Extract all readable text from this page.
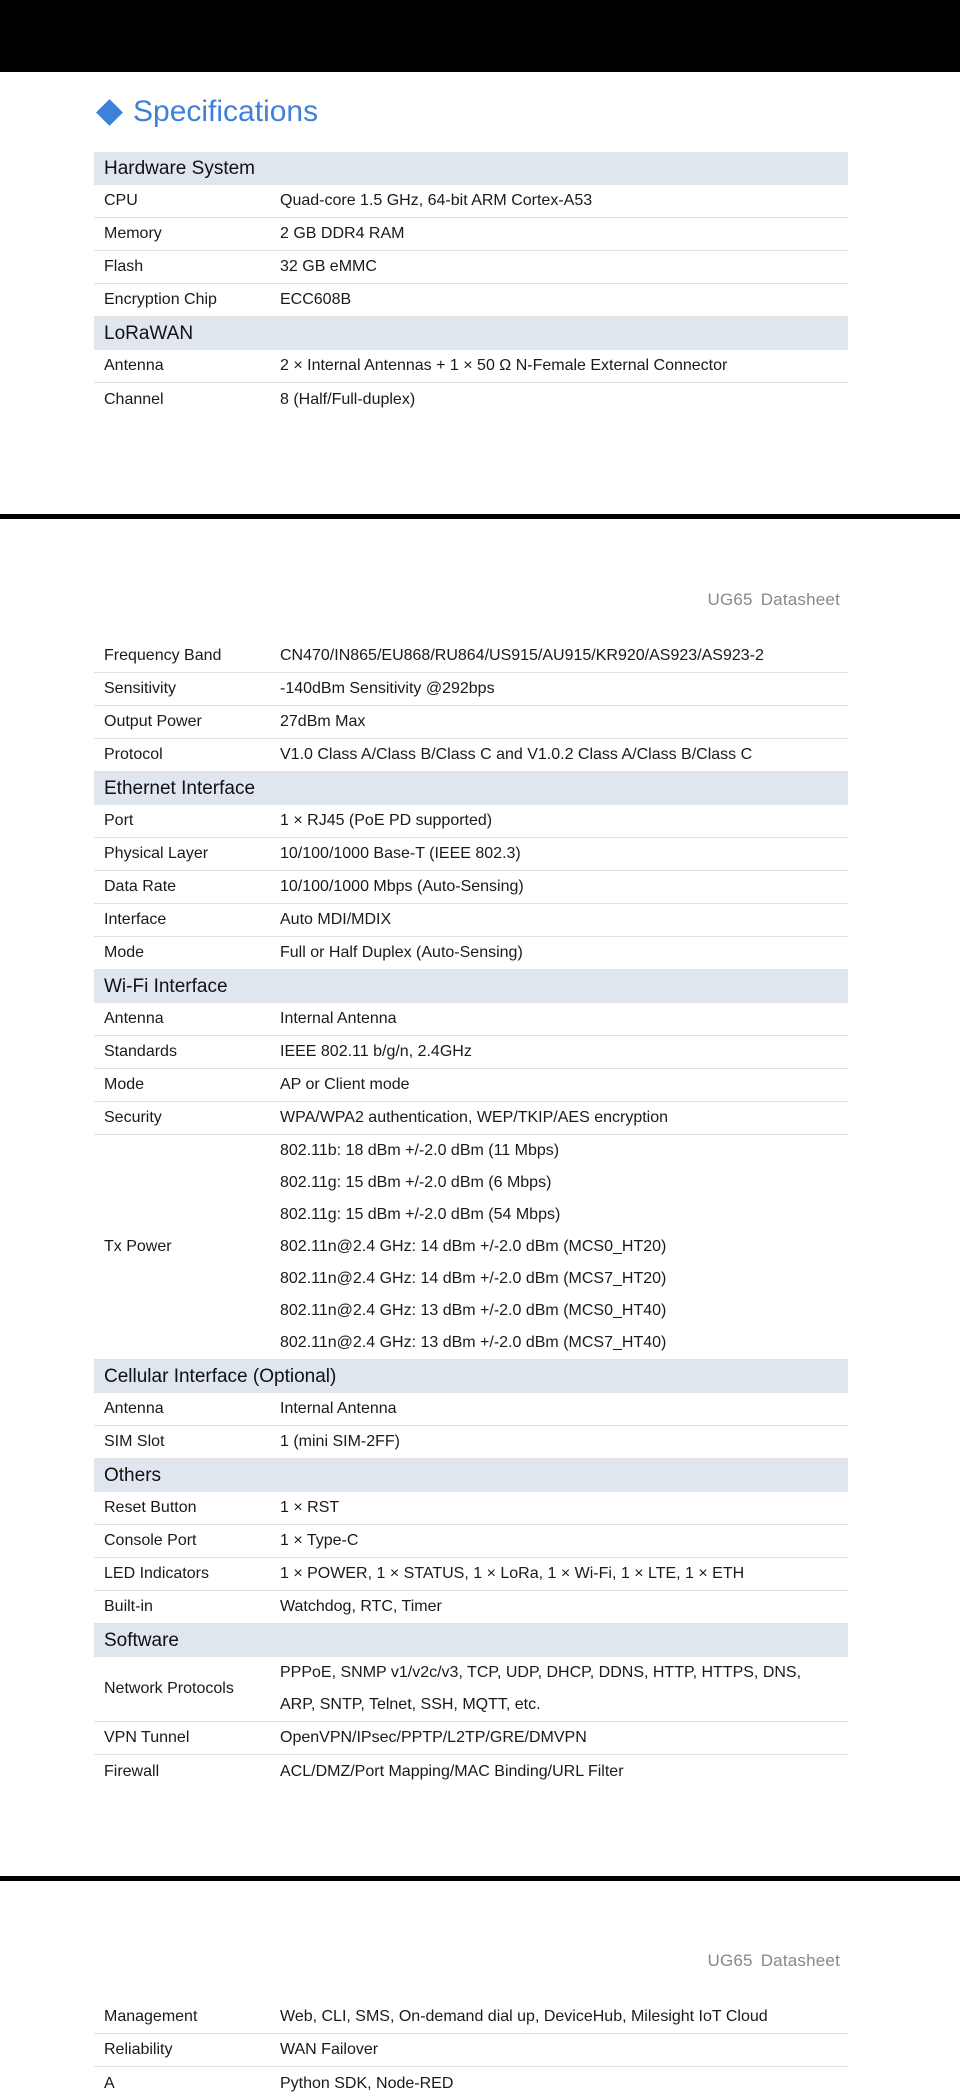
Specifications
Hardware System
CPU	Quad-core 1.5 GHz, 64-bit ARM Cortex-A53
Memory	2 GB DDR4 RAM
Flash	32 GB eMMC
Encryption Chip	ECC608B
LoRaWAN
Antenna	2 × Internal Antennas + 1 × 50 Ω N-Female External Connector
Channel	8 (Half/Full-duplex)
UG65 Datasheet
Frequency Band	CN470/IN865/EU868/RU864/US915/AU915/KR920/AS923/AS923-2
Sensitivity	-140dBm Sensitivity @292bps
Output Power	27dBm Max
Protocol	V1.0 Class A/Class B/Class C and V1.0.2 Class A/Class B/Class C
Ethernet Interface
Port	1 × RJ45 (PoE PD supported)
Physical Layer	10/100/1000 Base-T (IEEE 802.3)
Data Rate	10/100/1000 Mbps (Auto-Sensing)
Interface	Auto MDI/MDIX
Mode	Full or Half Duplex (Auto-Sensing)
Wi-Fi Interface
Antenna	Internal Antenna
Standards	IEEE 802.11 b/g/n, 2.4GHz
Mode	AP or Client mode
Security	WPA/WPA2 authentication, WEP/TKIP/AES encryption
Tx Power
802.11b: 18 dBm +/-2.0 dBm (11 Mbps)
802.11g: 15 dBm +/-2.0 dBm (6 Mbps)
802.11g: 15 dBm +/-2.0 dBm (54 Mbps)
802.11n@2.4 GHz: 14 dBm +/-2.0 dBm (MCS0_HT20)
802.11n@2.4 GHz: 14 dBm +/-2.0 dBm (MCS7_HT20)
802.11n@2.4 GHz: 13 dBm +/-2.0 dBm (MCS0_HT40)
802.11n@2.4 GHz: 13 dBm +/-2.0 dBm (MCS7_HT40)
Cellular Interface (Optional)
Antenna	Internal Antenna
SIM Slot	1 (mini SIM-2FF)
Others
Reset Button	1 × RST
Console Port	1 × Type-C
LED Indicators	1 × POWER, 1 × STATUS, 1 × LoRa, 1 × Wi-Fi, 1 × LTE, 1 × ETH
Built-in	Watchdog, RTC, Timer
Software
Network Protocols
PPPoE, SNMP v1/v2c/v3, TCP, UDP, DHCP, DDNS, HTTP, HTTPS, DNS,
ARP, SNTP, Telnet, SSH, MQTT, etc.
VPN Tunnel	OpenVPN/IPsec/PPTP/L2TP/GRE/DMVPN
Firewall	ACL/DMZ/Port Mapping/MAC Binding/URL Filter
UG65 Datasheet
Management	Web, CLI, SMS, On-demand dial up, DeviceHub, Milesight IoT Cloud
Reliability	WAN Failover
A	Python SDK, Node-RED
